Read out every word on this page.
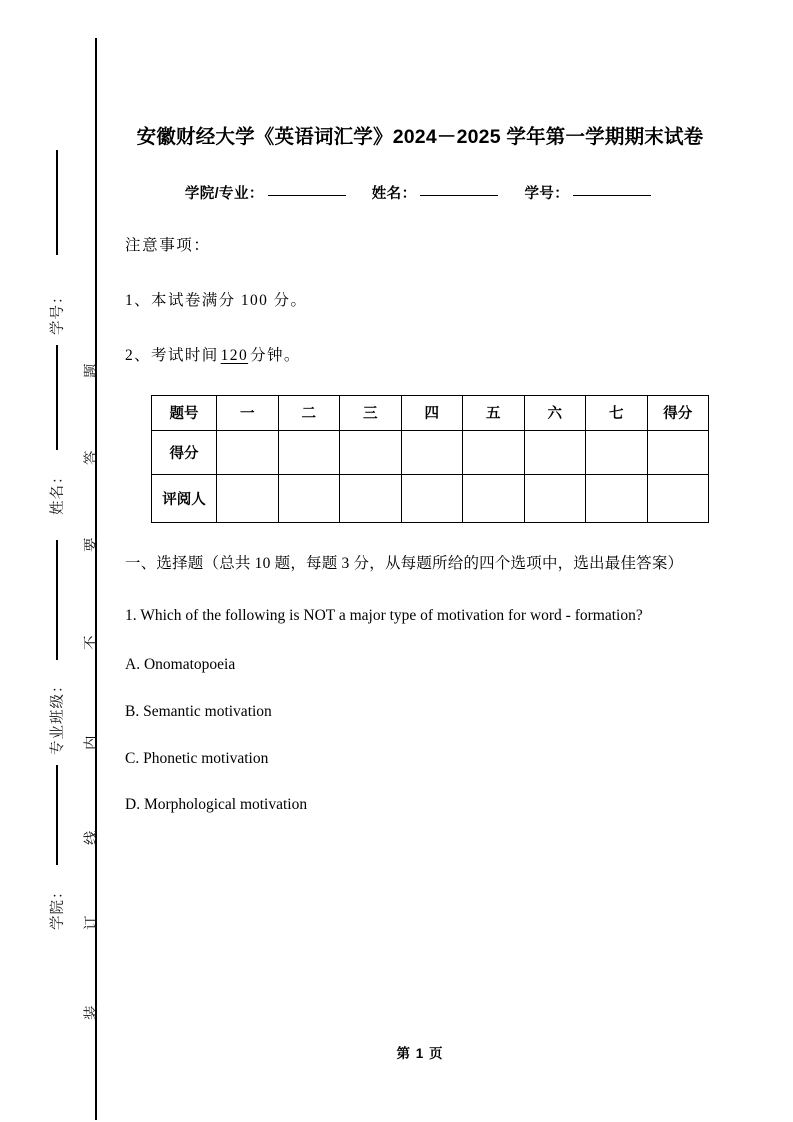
学号：
姓名：
专业班级：
学院：
题
答
要
不
内
线
订
装
安徽财经大学《英语词汇学》2024－2025 学年第一学期期末试卷
学院/专业：	姓名：	学号：
注意事项：
1、本试卷满分 100 分。
2、考试时间 120 分钟。
题号	一	二	三	四	五	六	七	得分
得分								
评阅人								
一、选择题（总共 10 题，每题 3 分，从每题所给的四个选项中，选出最佳答案）
1. Which of the following is NOT a major type of motivation for word - formation?
A. Onomatopoeia
B. Semantic motivation
C. Phonetic motivation
D. Morphological motivation
第 1 页
